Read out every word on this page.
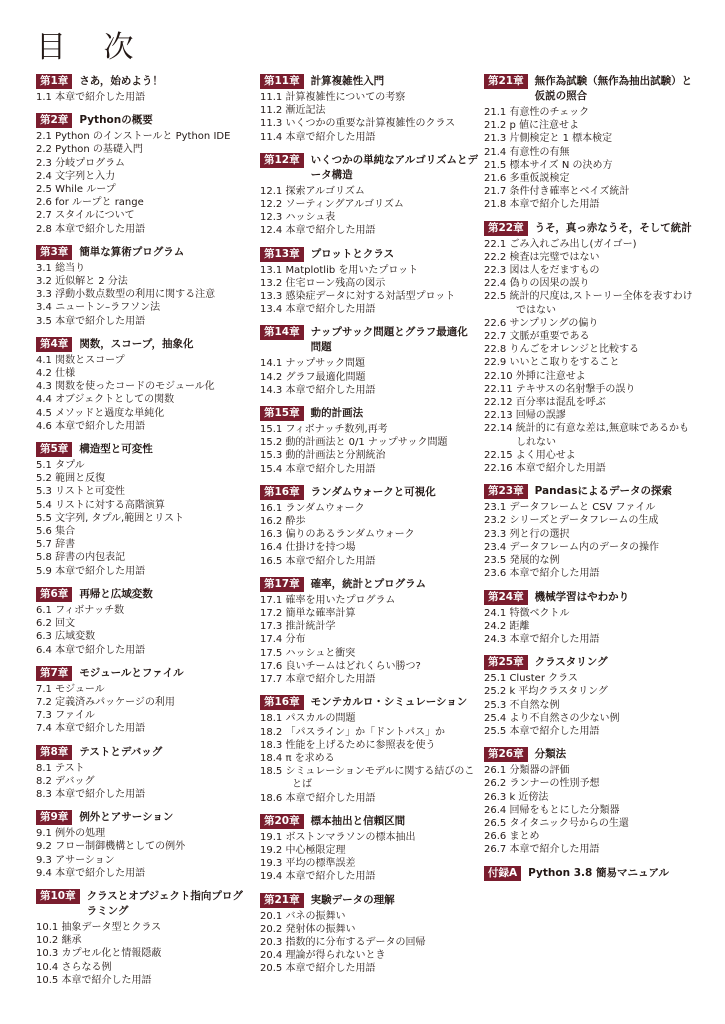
目 次
第1章	さあ，始めよう！
1.1 本章で紹介した用語
第2章	Pythonの概要
2.1 Python のインストールと Python IDE
2.2 Python の基礎入門
2.3 分岐プログラム
2.4 文字列と入力
2.5 While ループ
2.6 for ループと range
2.7 スタイルについて
2.8 本章で紹介した用語
第3章	簡単な算術プログラム
3.1 総当り
3.2 近似解と 2 分法
3.3 浮動小数点数型の利用に関する注意
3.4 ニュートン–ラフソン法
3.5 本章で紹介した用語
第4章	関数，スコープ，抽象化
4.1 関数とスコープ
4.2 仕様
4.3 関数を使ったコードのモジュール化
4.4 オブジェクトとしての関数
4.5 メソッドと過度な単純化
4.6 本章で紹介した用語
第5章	構造型と可変性
5.1 タプル
5.2 範囲と反復
5.3 リストと可変性
5.4 リストに対する高階演算
5.5 文字列, タプル,範囲とリスト
5.6 集合
5.7 辞書
5.8 辞書の内包表記
5.9 本章で紹介した用語
第6章	再帰と広域変数
6.1 フィボナッチ数
6.2 回文
6.3 広域変数
6.4 本章で紹介した用語
第7章	モジュールとファイル
7.1 モジュール
7.2 定義済みパッケージの利用
7.3 ファイル
7.4 本章で紹介した用語
第8章	テストとデバッグ
8.1 テスト
8.2 デバッグ
8.3 本章で紹介した用語
第9章	例外とアサーション
9.1 例外の処理
9.2 フロー制御機構としての例外
9.3 アサーション
9.4 本章で紹介した用語
第10章	クラスとオブジェクト指向プログラミング
10.1 抽象データ型とクラス
10.2 継承
10.3 カプセル化と情報隠蔽
10.4 さらなる例
10.5 本章で紹介した用語
第11章	計算複雑性入門
11.1 計算複雑性についての考察
11.2 漸近記法
11.3 いくつかの重要な計算複雑性のクラス
11.4 本章で紹介した用語
第12章	いくつかの単純なアルゴリズムとデータ構造
12.1 探索アルゴリズム
12.2 ソーティングアルゴリズム
12.3 ハッシュ表
12.4 本章で紹介した用語
第13章	プロットとクラス
13.1 Matplotlib を用いたプロット
13.2 住宅ローン残高の図示
13.3 感染症データに対する対話型プロット
13.4 本章で紹介した用語
第14章	ナップサック問題とグラフ最適化問題
14.1 ナップサック問題
14.2 グラフ最適化問題
14.3 本章で紹介した用語
第15章	動的計画法
15.1 フィボナッチ数列,再考
15.2 動的計画法と 0/1 ナップサック問題
15.3 動的計画法と分割統治
15.4 本章で紹介した用語
第16章	ランダムウォークと可視化
16.1 ランダムウォーク
16.2 酔歩
16.3 偏りのあるランダムウォーク
16.4 仕掛けを持つ場
16.5 本章で紹介した用語
第17章	確率，統計とプログラム
17.1 確率を用いたプログラム
17.2 簡単な確率計算
17.3 推計統計学
17.4 分布
17.5 ハッシュと衝突
17.6 良いチームはどれくらい勝つ?
17.7 本章で紹介した用語
第16章	モンテカルロ・シミュレーション
18.1 パスカルの問題
18.2 「パスライン」か「ドントパス」か
18.3 性能を上げるために参照表を使う
18.4 π を求める
18.5 シミュレーションモデルに関する結びのことば
18.6 本章で紹介した用語
第20章	標本抽出と信頼区間
19.1 ボストンマラソンの標本抽出
19.2 中心極限定理
19.3 平均の標準誤差
19.4 本章で紹介した用語
第21章	実験データの理解
20.1 バネの振舞い
20.2 発射体の振舞い
20.3 指数的に分布するデータの回帰
20.4 理論が得られないとき
20.5 本章で紹介した用語
第21章	無作為試験（無作為抽出試験）と仮説の照合
21.1 有意性のチェック
21.2 p 値に注意せよ
21.3 片側検定と 1 標本検定
21.4 有意性の有無
21.5 標本サイズ N の決め方
21.6 多重仮説検定
21.7 条件付き確率とベイズ統計
21.8 本章で紹介した用語
第22章	うそ，真っ赤なうそ，そして統計
22.1 ごみ入れごみ出し(ガイゴー)
22.2 検査は完璧ではない
22.3 図は人をだますもの
22.4 偽りの因果の誤り
22.5 統計的尺度は,ストーリー全体を表すわけではない
22.6 サンプリングの偏り
22.7 文脈が重要である
22.8 りんごをオレンジと比較する
22.9 いいとこ取りをすること
22.10 外挿に注意せよ
22.11 テキサスの名射撃手の誤り
22.12 百分率は混乱を呼ぶ
22.13 回帰の誤謬
22.14 統計的に有意な差は,無意味であるかもしれない
22.15 よく用心せよ
22.16 本章で紹介した用語
第23章	Pandasによるデータの探索
23.1 データフレームと CSV ファイル
23.2 シリーズとデータフレームの生成
23.3 列と行の選択
23.4 データフレーム内のデータの操作
23.5 発展的な例
23.6 本章で紹介した用語
第24章	機械学習はやわかり
24.1 特徴ベクトル
24.2 距離
24.3 本章で紹介した用語
第25章	クラスタリング
25.1 Cluster クラス
25.2 k 平均クラスタリング
25.3 不自然な例
25.4 より不自然さの少ない例
25.5 本章で紹介した用語
第26章	分類法
26.1 分類器の評価
26.2 ランナーの性別予想
26.3 k 近傍法
26.4 回帰をもとにした分類器
26.5 タイタニック号からの生還
26.6 まとめ
26.7 本章で紹介した用語
付録A	Python 3.8 簡易マニュアル
